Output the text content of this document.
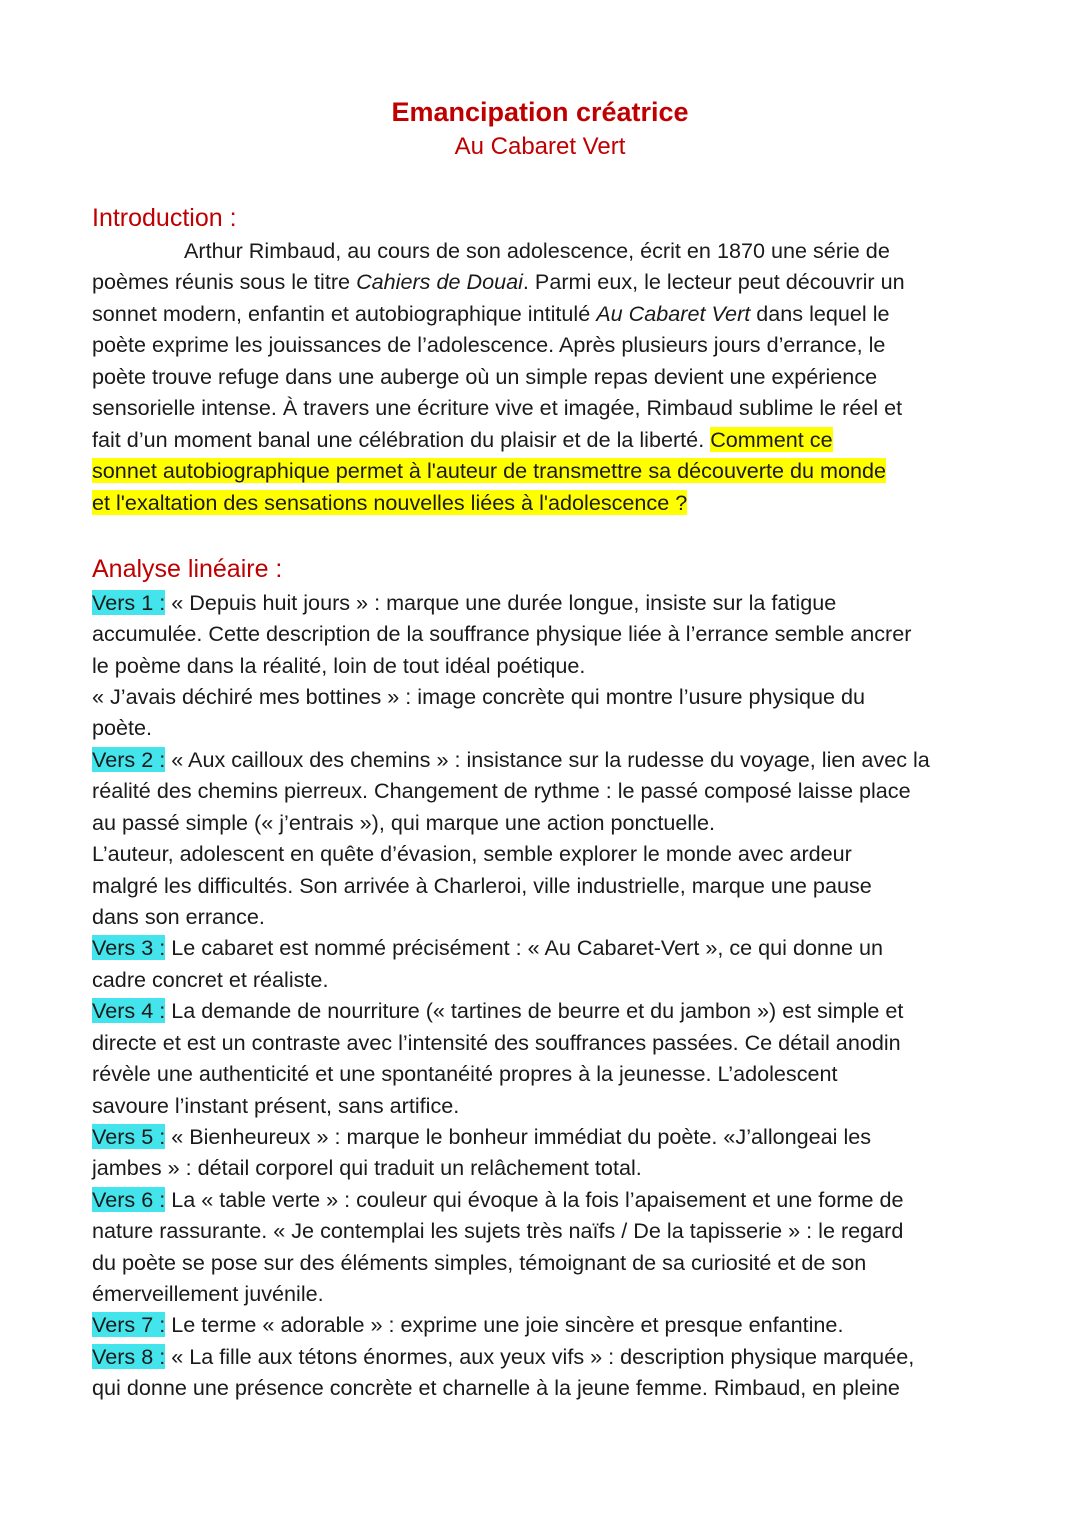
Emancipation créatrice
Au Cabaret Vert
Introduction :
Arthur Rimbaud, au cours de son adolescence, écrit en 1870 une série de
poèmes réunis sous le titre Cahiers de Douai. Parmi eux, le lecteur peut découvrir un
sonnet modern, enfantin et autobiographique intitulé Au Cabaret Vert dans lequel le
poète exprime les jouissances de l’adolescence. Après plusieurs jours d’errance, le
poète trouve refuge dans une auberge où un simple repas devient une expérience
sensorielle intense. À travers une écriture vive et imagée, Rimbaud sublime le réel et
fait d’un moment banal une célébration du plaisir et de la liberté. Comment ce
sonnet autobiographique permet à l'auteur de transmettre sa découverte du monde
et l'exaltation des sensations nouvelles liées à l'adolescence ?
Analyse linéaire :
Vers 1 : « Depuis huit jours » : marque une durée longue, insiste sur la fatigue
accumulée. Cette description de la souffrance physique liée à l’errance semble ancrer
le poème dans la réalité, loin de tout idéal poétique.
« J’avais déchiré mes bottines » : image concrète qui montre l’usure physique du
poète.
Vers 2 : « Aux cailloux des chemins » : insistance sur la rudesse du voyage, lien avec la
réalité des chemins pierreux. Changement de rythme : le passé composé laisse place
au passé simple (« j’entrais »), qui marque une action ponctuelle.
L’auteur, adolescent en quête d’évasion, semble explorer le monde avec ardeur
malgré les difficultés. Son arrivée à Charleroi, ville industrielle, marque une pause
dans son errance.
Vers 3 : Le cabaret est nommé précisément : « Au Cabaret-Vert », ce qui donne un
cadre concret et réaliste.
Vers 4 : La demande de nourriture (« tartines de beurre et du jambon ») est simple et
directe et est un contraste avec l’intensité des souffrances passées. Ce détail anodin
révèle une authenticité et une spontanéité propres à la jeunesse. L’adolescent
savoure l’instant présent, sans artifice.
Vers 5 : « Bienheureux » : marque le bonheur immédiat du poète. «J’allongeai les
jambes » : détail corporel qui traduit un relâchement total.
Vers 6 : La « table verte » : couleur qui évoque à la fois l’apaisement et une forme de
nature rassurante. « Je contemplai les sujets très naïfs / De la tapisserie » : le regard
du poète se pose sur des éléments simples, témoignant de sa curiosité et de son
émerveillement juvénile.
Vers 7 : Le terme « adorable » : exprime une joie sincère et presque enfantine.
Vers 8 : « La fille aux tétons énormes, aux yeux vifs » : description physique marquée,
qui donne une présence concrète et charnelle à la jeune femme. Rimbaud, en pleine
